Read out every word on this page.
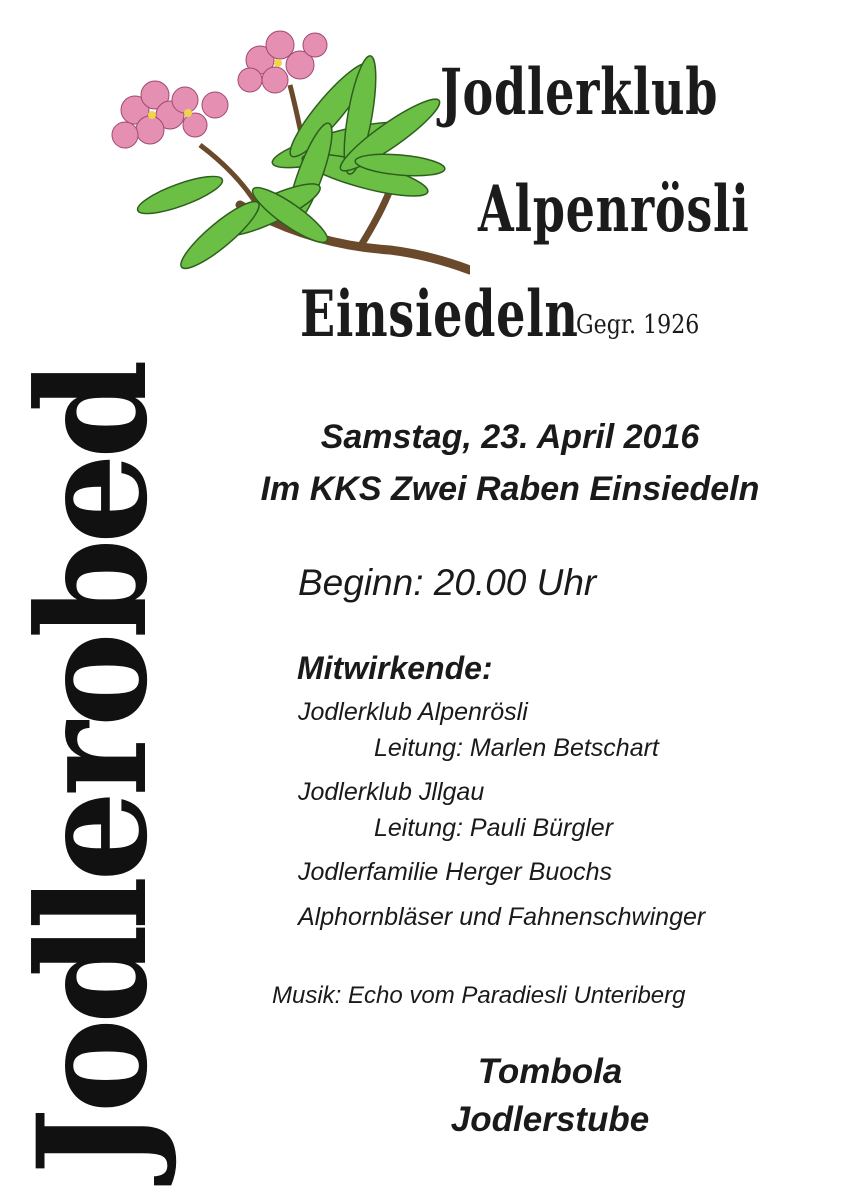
Jodlerklub
Alpenrösli
Einsiedeln
Gegr. 1926
Jodlerobed	Samstag, 23. April 2016
Im KKS Zwei Raben Einsiedeln
Beginn: 20.00 Uhr
Mitwirkende:
Jodlerklub Alpenrösli
Leitung: Marlen Betschart
Jodlerklub Jllgau
Leitung: Pauli Bürgler
Jodlerfamilie Herger Buochs
Alphornbläser und Fahnenschwinger
Musik: Echo vom Paradiesli Unteriberg
Tombola
Jodlerstube
